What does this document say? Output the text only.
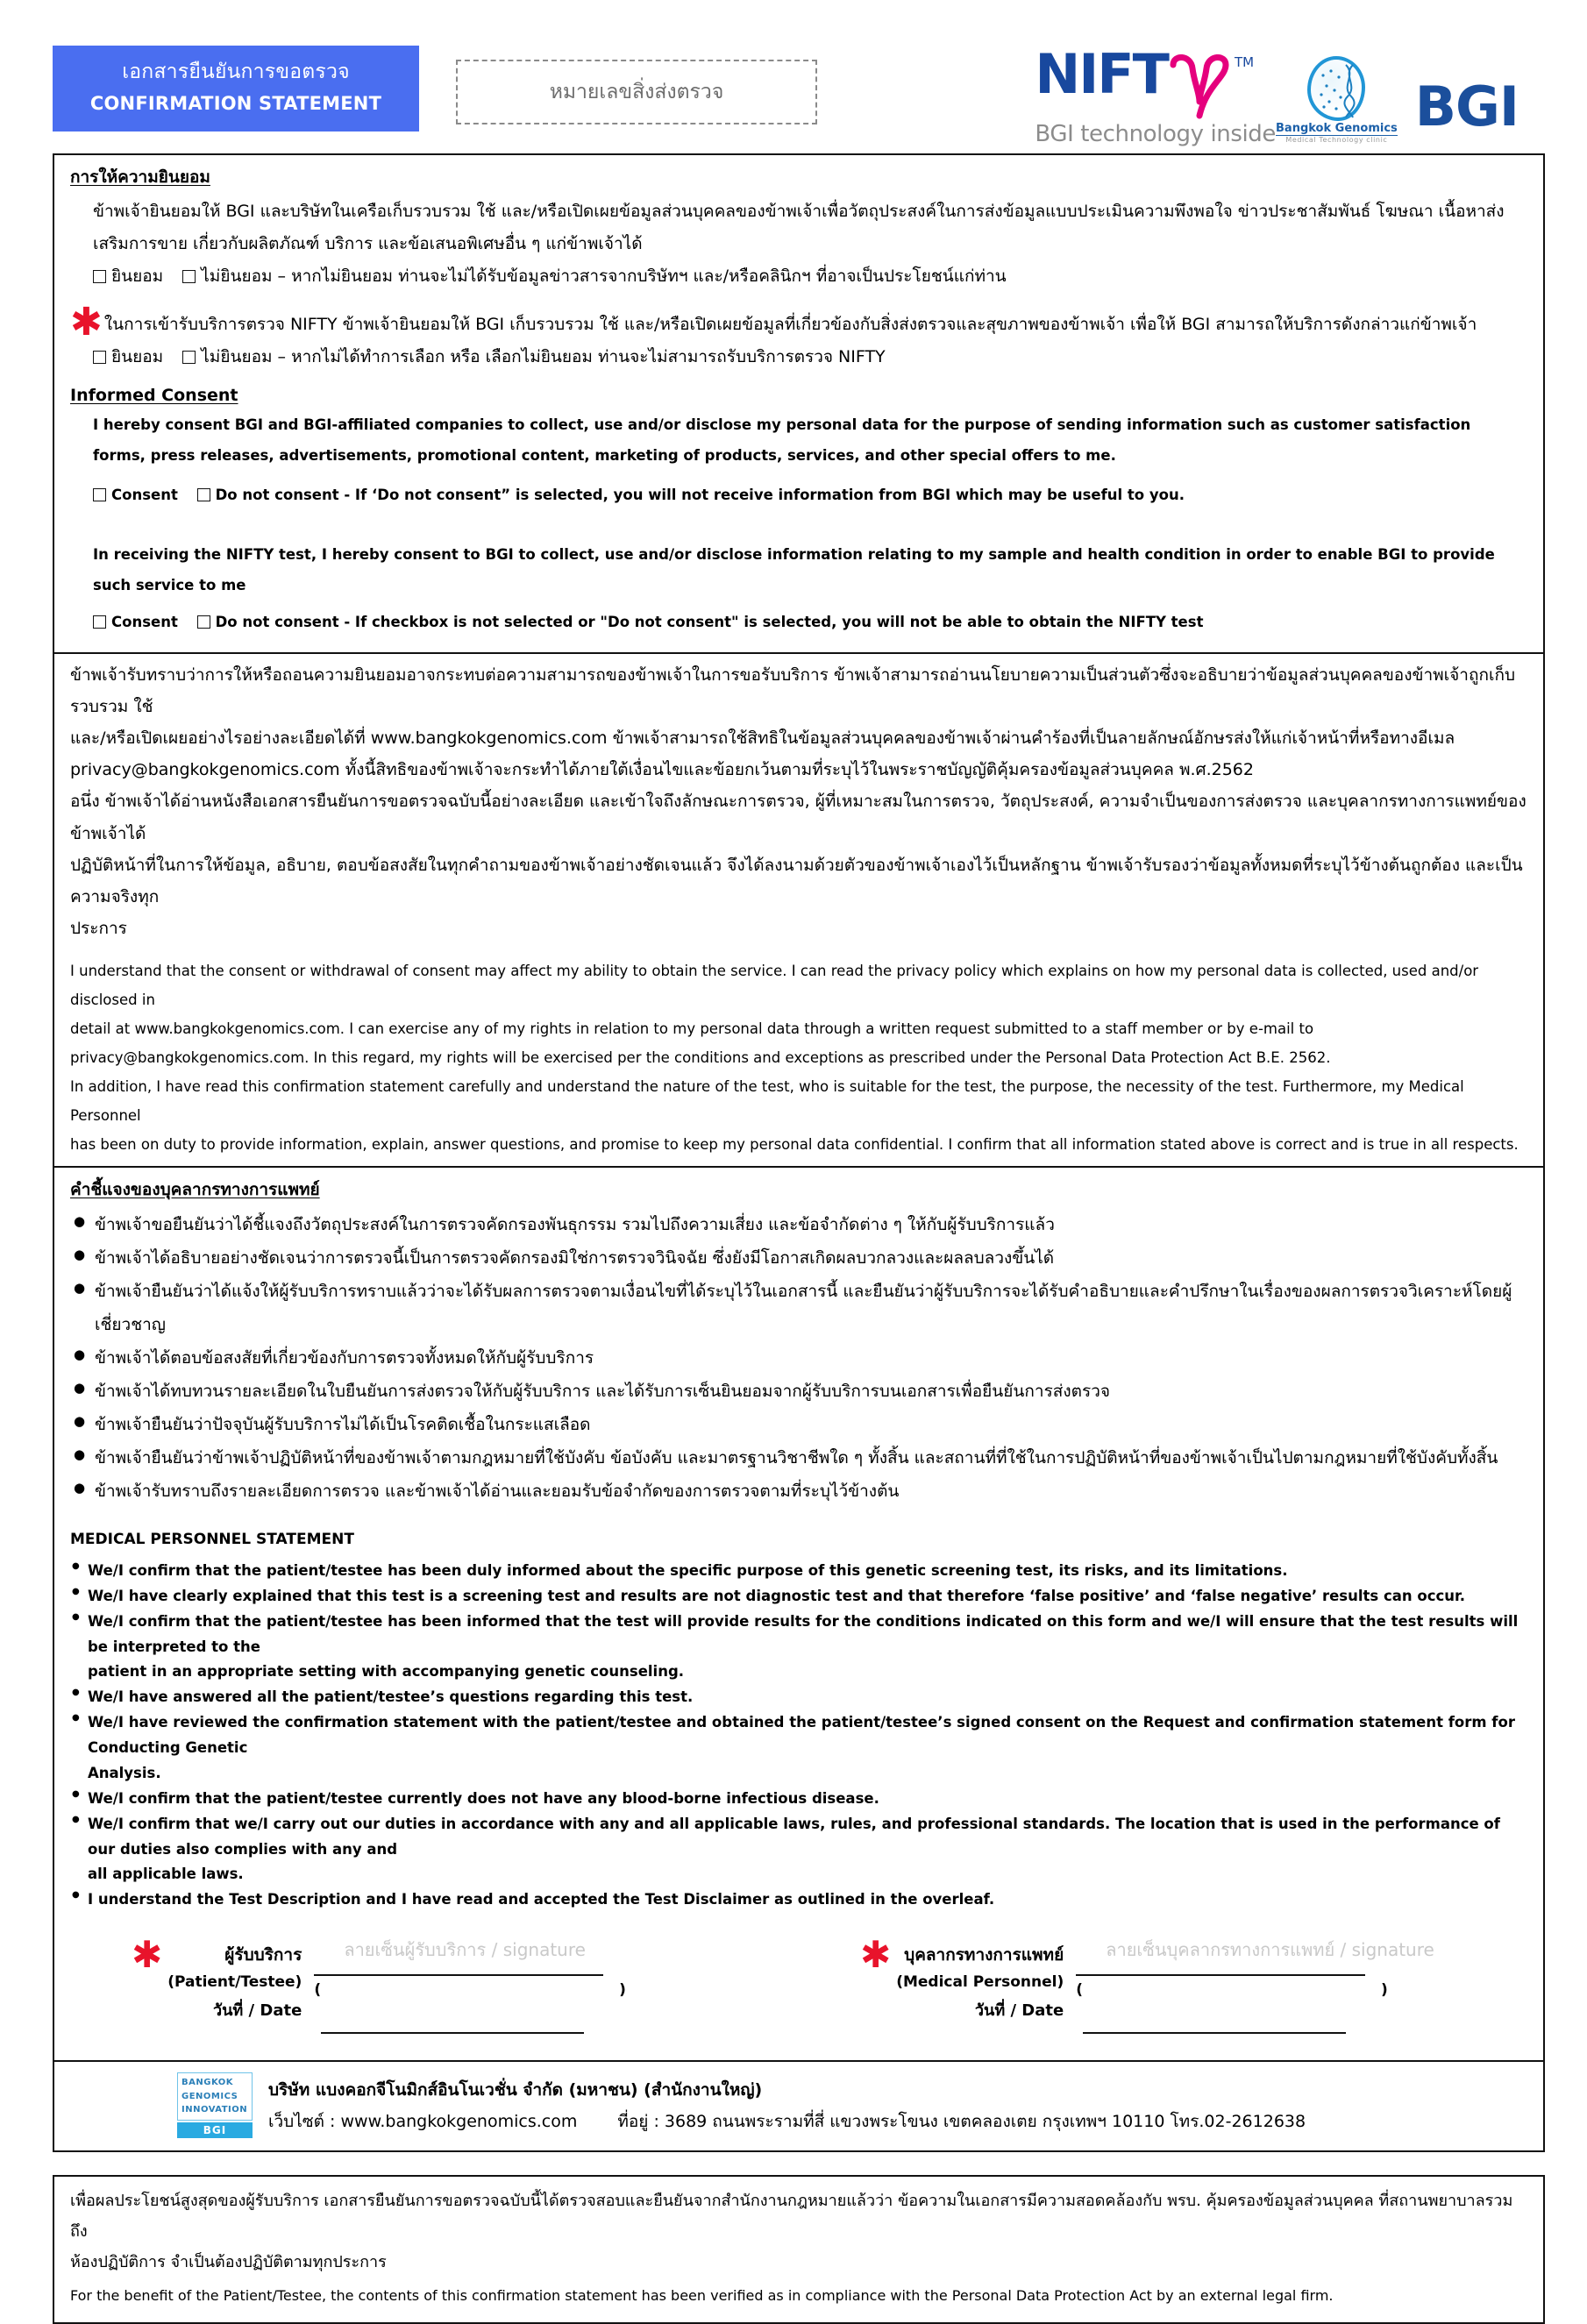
เอกสารยืนยันการขอตรวจ
CONFIRMATION STATEMENT
หมายเลขสิ่งส่งตรวจ	NIFT	TM
BGI technology inside Bangkok Genomics
Medical Technology clinic
BGI
การให้ความยินยอม
ข้าพเจ้ายินยอมให้ BGI และบริษัทในเครือเก็บรวบรวม ใช้ และ/หรือเปิดเผยข้อมูลส่วนบุคคลของข้าพเจ้าเพื่อวัตถุประสงค์ในการส่งข้อมูลแบบประเมินความพึงพอใจ ข่าวประชาสัมพันธ์ โฆษณา เนื้อหาส่งเสริมการขาย เกี่ยวกับผลิตภัณฑ์ บริการ และข้อเสนอพิเศษอื่น ๆ แก่ข้าพเจ้าได้
ยินยอม ไม่ยินยอม – หากไม่ยินยอม ท่านจะไม่ได้รับข้อมูลข่าวสารจากบริษัทฯ และ/หรือคลินิกฯ ที่อาจเป็นประโยชน์แก่ท่าน
✱ ในการเข้ารับบริการตรวจ NIFTY ข้าพเจ้ายินยอมให้ BGI เก็บรวบรวม ใช้ และ/หรือเปิดเผยข้อมูลที่เกี่ยวข้องกับสิ่งส่งตรวจและสุขภาพของข้าพเจ้า เพื่อให้ BGI สามารถให้บริการดังกล่าวแก่ข้าพเจ้า
ยินยอม ไม่ยินยอม – หากไม่ได้ทำการเลือก หรือ เลือกไม่ยินยอม ท่านจะไม่สามารถรับบริการตรวจ NIFTY
Informed Consent
I hereby consent BGI and BGI-affiliated companies to collect, use and/or disclose my personal data for the purpose of sending information such as customer satisfaction forms, press releases, advertisements, promotional content, marketing of products, services, and other special offers to me.
Consent	Do not consent - If ‘Do not consent” is selected, you will not receive information from BGI which may be useful to you.
In receiving the NIFTY test, I hereby consent to BGI to collect, use and/or disclose information relating to my sample and health condition in order to enable BGI to provide such service to me
Consent	Do not consent - If checkbox is not selected or "Do not consent" is selected, you will not be able to obtain the NIFTY test
ข้าพเจ้ารับทราบว่าการให้หรือถอนความยินยอมอาจกระทบต่อความสามารถของข้าพเจ้าในการขอรับบริการ ข้าพเจ้าสามารถอ่านนโยบายความเป็นส่วนตัวซึ่งจะอธิบายว่าข้อมูลส่วนบุคคลของข้าพเจ้าถูกเก็บรวบรวม ใช้
และ/หรือเปิดเผยอย่างไรอย่างละเอียดได้ที่ www.bangkokgenomics.com ข้าพเจ้าสามารถใช้สิทธิในข้อมูลส่วนบุคคลของข้าพเจ้าผ่านคำร้องที่เป็นลายลักษณ์อักษรส่งให้แก่เจ้าหน้าที่หรือทางอีเมล
privacy@bangkokgenomics.com ทั้งนี้สิทธิของข้าพเจ้าจะกระทำได้ภายใต้เงื่อนไขและข้อยกเว้นตามที่ระบุไว้ในพระราชบัญญัติคุ้มครองข้อมูลส่วนบุคคล พ.ศ.2562
อนึ่ง ข้าพเจ้าได้อ่านหนังสือเอกสารยืนยันการขอตรวจฉบับนี้อย่างละเอียด และเข้าใจถึงลักษณะการตรวจ, ผู้ที่เหมาะสมในการตรวจ, วัตถุประสงค์, ความจำเป็นของการส่งตรวจ และบุคลากรทางการแพทย์ของข้าพเจ้าได้
ปฏิบัติหน้าที่ในการให้ข้อมูล, อธิบาย, ตอบข้อสงสัยในทุกคำถามของข้าพเจ้าอย่างชัดเจนแล้ว จึงได้ลงนามด้วยตัวของข้าพเจ้าเองไว้เป็นหลักฐาน ข้าพเจ้ารับรองว่าข้อมูลทั้งหมดที่ระบุไว้ข้างต้นถูกต้อง และเป็นความจริงทุก
ประการ
I understand that the consent or withdrawal of consent may affect my ability to obtain the service. I can read the privacy policy which explains on how my personal data is collected, used and/or disclosed in
detail at www.bangkokgenomics.com. I can exercise any of my rights in relation to my personal data through a written request submitted to a staff member or by e-mail to
privacy@bangkokgenomics.com. In this regard, my rights will be exercised per the conditions and exceptions as prescribed under the Personal Data Protection Act B.E. 2562.
In addition, I have read this confirmation statement carefully and understand the nature of the test, who is suitable for the test, the purpose, the necessity of the test. Furthermore, my Medical Personnel
has been on duty to provide information, explain, answer questions, and promise to keep my personal data confidential. I confirm that all information stated above is correct and is true in all respects.
คำชี้แจงของบุคลากรทางการแพทย์
● ข้าพเจ้าขอยืนยันว่าได้ชี้แจงถึงวัตถุประสงค์ในการตรวจคัดกรองพันธุกรรม รวมไปถึงความเสี่ยง และข้อจำกัดต่าง ๆ ให้กับผู้รับบริการแล้ว
● ข้าพเจ้าได้อธิบายอย่างชัดเจนว่าการตรวจนี้เป็นการตรวจคัดกรองมิใช่การตรวจวินิจฉัย ซึ่งยังมีโอกาสเกิดผลบวกลวงและผลลบลวงขึ้นได้
● ข้าพเจ้ายืนยันว่าได้แจ้งให้ผู้รับบริการทราบแล้วว่าจะได้รับผลการตรวจตามเงื่อนไขที่ได้ระบุไว้ในเอกสารนี้ และยืนยันว่าผู้รับบริการจะได้รับคำอธิบายและคำปรึกษาในเรื่องของผลการตรวจวิเคราะห์โดยผู้เชี่ยวชาญ
● ข้าพเจ้าได้ตอบข้อสงสัยที่เกี่ยวข้องกับการตรวจทั้งหมดให้กับผู้รับบริการ
● ข้าพเจ้าได้ทบทวนรายละเอียดในใบยืนยันการส่งตรวจให้กับผู้รับบริการ และได้รับการเซ็นยินยอมจากผู้รับบริการบนเอกสารเพื่อยืนยันการส่งตรวจ
● ข้าพเจ้ายืนยันว่าปัจจุบันผู้รับบริการไม่ได้เป็นโรคติดเชื้อในกระแสเลือด
● ข้าพเจ้ายืนยันว่าข้าพเจ้าปฏิบัติหน้าที่ของข้าพเจ้าตามกฎหมายที่ใช้บังคับ ข้อบังคับ และมาตรฐานวิชาชีพใด ๆ ทั้งสิ้น และสถานที่ที่ใช้ในการปฏิบัติหน้าที่ของข้าพเจ้าเป็นไปตามกฎหมายที่ใช้บังคับทั้งสิ้น
● ข้าพเจ้ารับทราบถึงรายละเอียดการตรวจ และข้าพเจ้าได้อ่านและยอมรับข้อจำกัดของการตรวจตามที่ระบุไว้ข้างต้น
MEDICAL PERSONNEL STATEMENT
● We/I confirm that the patient/testee has been duly informed about the specific purpose of this genetic screening test, its risks, and its limitations.
● We/I have clearly explained that this test is a screening test and results are not diagnostic test and that therefore ‘false positive’ and ‘false negative’ results can occur.
● We/I confirm that the patient/testee has been informed that the test will provide results for the conditions indicated on this form and we/I will ensure that the test results will be interpreted to the
patient in an appropriate setting with accompanying genetic counseling.
● We/I have answered all the patient/testee’s questions regarding this test.
● We/I have reviewed the confirmation statement with the patient/testee and obtained the patient/testee’s signed consent on the Request and confirmation statement form for Conducting Genetic
Analysis.
● We/I confirm that the patient/testee currently does not have any blood-borne infectious disease.
● We/I confirm that we/I carry out our duties in accordance with any and all applicable laws, rules, and professional standards. The location that is used in the performance of our duties also complies with any and
all applicable laws.
● I understand the Test Description and I have read and accepted the Test Disclaimer as outlined in the overleaf.
✱	ผู้รับบริการ
(Patient/Testee)
วันที่ / Date
ลายเซ็นผู้รับบริการ / signature
(	)
✱ บุคลากรทางการแพทย์
(Medical Personnel)
วันที่ / Date
ลายเซ็นบุคลากรทางการแพทย์ / signature
(	)
BANGKOK
GENOMICS
INNOVATION
BGI
บริษัท แบงคอกจีโนมิกส์อินโนเวชั่น จำกัด (มหาชน) (สำนักงานใหญ่)
เว็บไซต์ : www.bangkokgenomics.com ที่อยู่ : 3689 ถนนพระรามที่สี่ แขวงพระโขนง เขตคลองเตย กรุงเทพฯ 10110 โทร.02-2612638
เพื่อผลประโยชน์สูงสุดของผู้รับบริการ เอกสารยืนยันการขอตรวจฉบับนี้ได้ตรวจสอบและยืนยันจากสำนักงานกฎหมายแล้วว่า ข้อความในเอกสารมีความสอดคล้องกับ พรบ. คุ้มครองข้อมูลส่วนบุคคล ที่สถานพยาบาลรวมถึง
ห้องปฏิบัติการ จำเป็นต้องปฏิบัติตามทุกประการ
For the benefit of the Patient/Testee, the contents of this confirmation statement has been verified as in compliance with the Personal Data Protection Act by an external legal firm.
